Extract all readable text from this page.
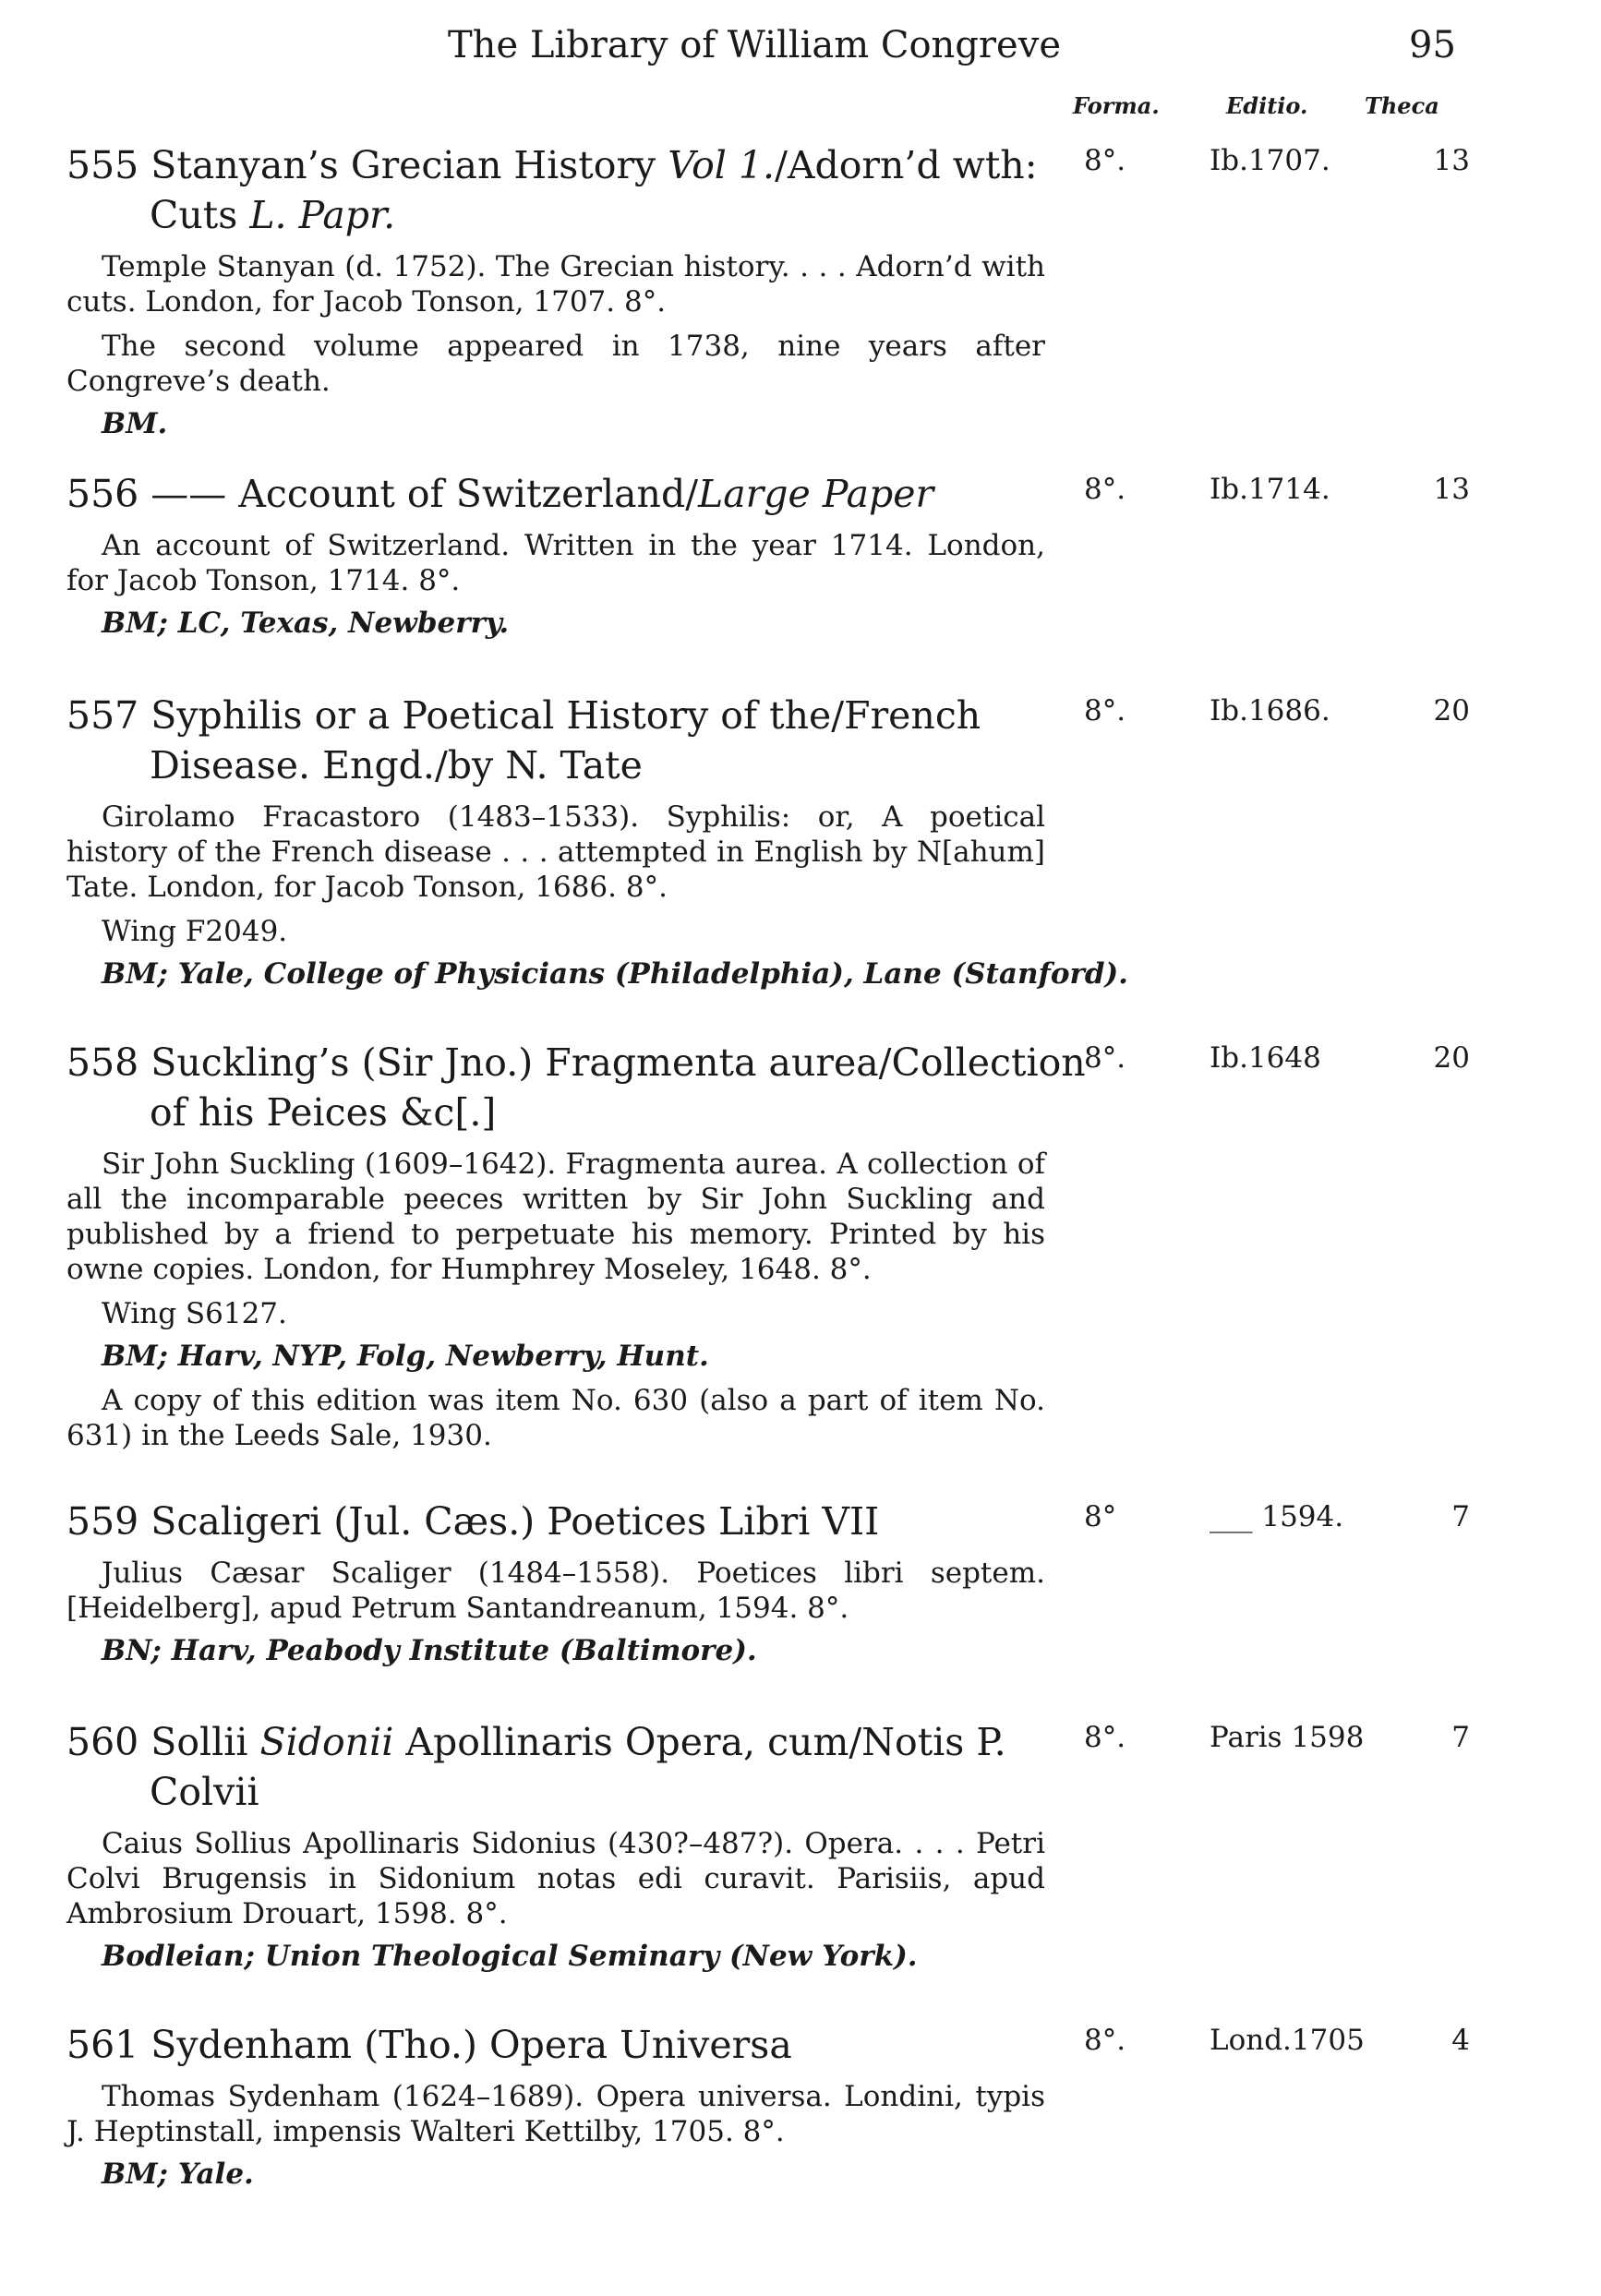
The Library of William Congreve	95
Forma.	Editio.	Theca
555 Stanyan’s Grecian History Vol 1./Adorn’d wth: Cuts L. Papr.
8°.	Ib.1707.	13
Temple Stanyan (d. 1752). The Grecian history. . . . Adorn’d with cuts. London, for Jacob Tonson, 1707. 8°.
The second volume appeared in 1738, nine years after Congreve’s death.
BM.
556 —— Account of Switzerland/Large Paper	8°.	Ib.1714.	13
An account of Switzerland. Written in the year 1714. London, for Jacob Tonson, 1714. 8°.
BM; LC, Texas, Newberry.
557 Syphilis or a Poetical History of the/French Disease. Engd./by N. Tate
8°.	Ib.1686.	20
Girolamo Fracastoro (1483–1533). Syphilis: or, A poetical history of the French disease . . . attempted in English by N[ahum] Tate. London, for Jacob Tonson, 1686. 8°.
Wing F2049.
BM; Yale, College of Physicians (Philadelphia), Lane (Stanford).
558 Suckling’s (Sir Jno.) Fragmenta aurea/Collection of his Peices &c[.]
8°.	Ib.1648	20
Sir John Suckling (1609–1642). Fragmenta aurea. A collection of all the incomparable peeces written by Sir John Suckling and published by a friend to perpetuate his memory. Printed by his owne copies. London, for Humphrey Moseley, 1648. 8°.
Wing S6127.
BM; Harv, NYP, Folg, Newberry, Hunt.
A copy of this edition was item No. 630 (also a part of item No. 631) in the Leeds Sale, 1930.
559 Scaligeri (Jul. Cæs.) Poetices Libri VII	8°	___ 1594.	7
Julius Cæsar Scaliger (1484–1558). Poetices libri septem. [Heidelberg], apud Petrum Santandreanum, 1594. 8°.
BN; Harv, Peabody Institute (Baltimore).
560 Sollii Sidonii Apollinaris Opera, cum/Notis P. Colvii
8°.	Paris 1598	7
Caius Sollius Apollinaris Sidonius (430?–487?). Opera. . . . Petri Colvi Brugensis in Sidonium notas edi curavit. Parisiis, apud Ambrosium Drouart, 1598. 8°.
Bodleian; Union Theological Seminary (New York).
561 Sydenham (Tho.) Opera Universa	8°.	Lond.1705	4
Thomas Sydenham (1624–1689). Opera universa. Londini, typis J. Heptinstall, impensis Walteri Kettilby, 1705. 8°.
BM; Yale.
